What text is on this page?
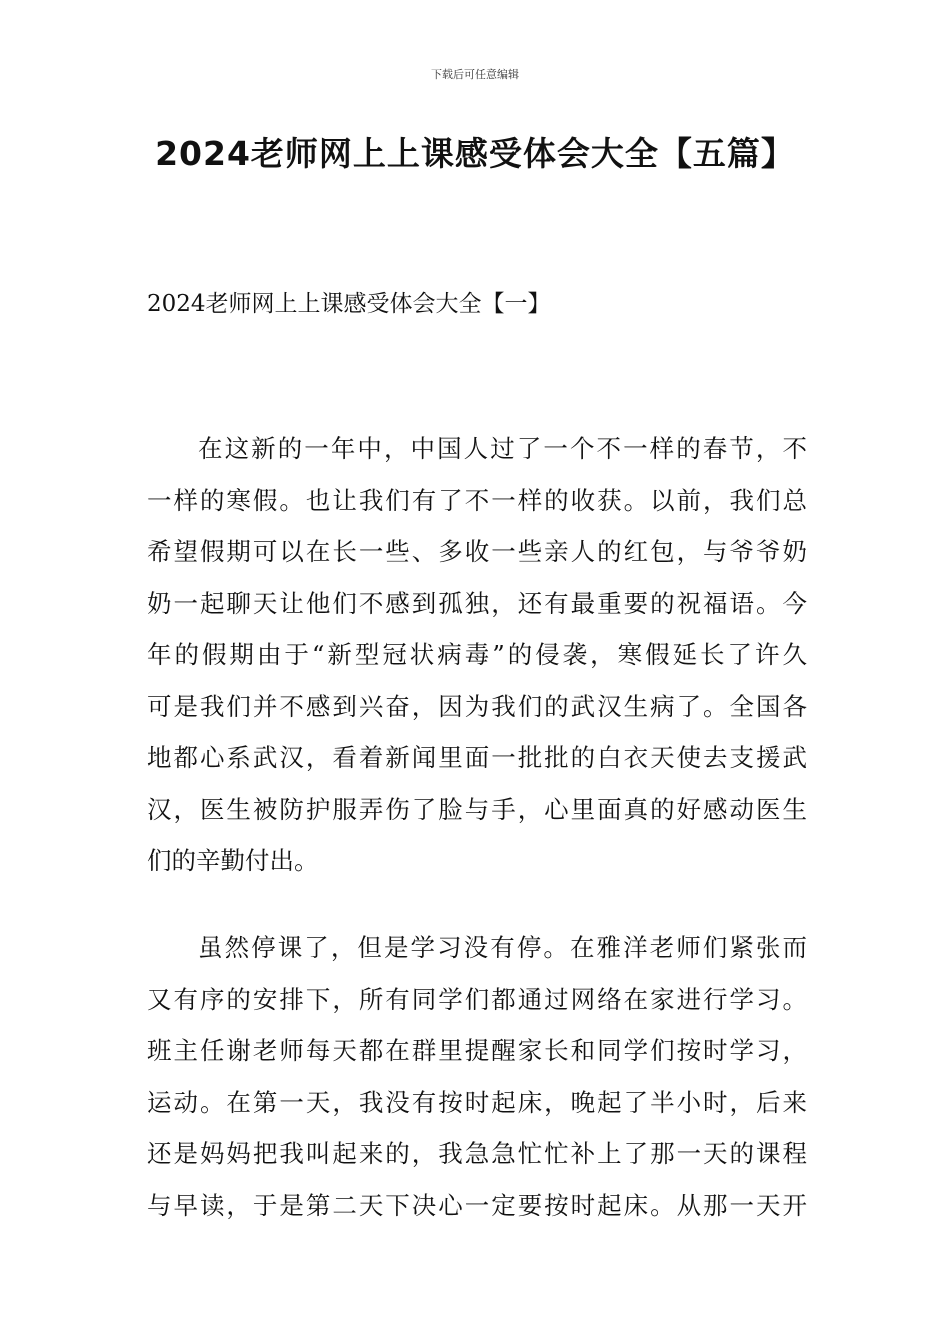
下载后可任意编辑
2024老师网上上课感受体会大全【五篇】
2024老师网上上课感受体会大全【一】

在这新的一年中，中国人过了一个不一样的春节，不
一样的寒假。也让我们有了不一样的收获。以前，我们总
希望假期可以在长一些、多收一些亲人的红包，与爷爷奶
奶一起聊天让他们不感到孤独，还有最重要的祝福语。今
年的假期由于“新型冠状病毒”的侵袭，寒假延长了许久
可是我们并不感到兴奋，因为我们的武汉生病了。全国各
地都心系武汉，看着新闻里面一批批的白衣天使去支援武
汉，医生被防护服弄伤了脸与手，心里面真的好感动医生
们的辛勤付出。

虽然停课了，但是学习没有停。在雅洋老师们紧张而
又有序的安排下，所有同学们都通过网络在家进行学习。
班主任谢老师每天都在群里提醒家长和同学们按时学习，
运动。在第一天，我没有按时起床，晚起了半小时，后来
还是妈妈把我叫起来的，我急急忙忙补上了那一天的课程
与早读，于是第二天下决心一定要按时起床。从那一天开
